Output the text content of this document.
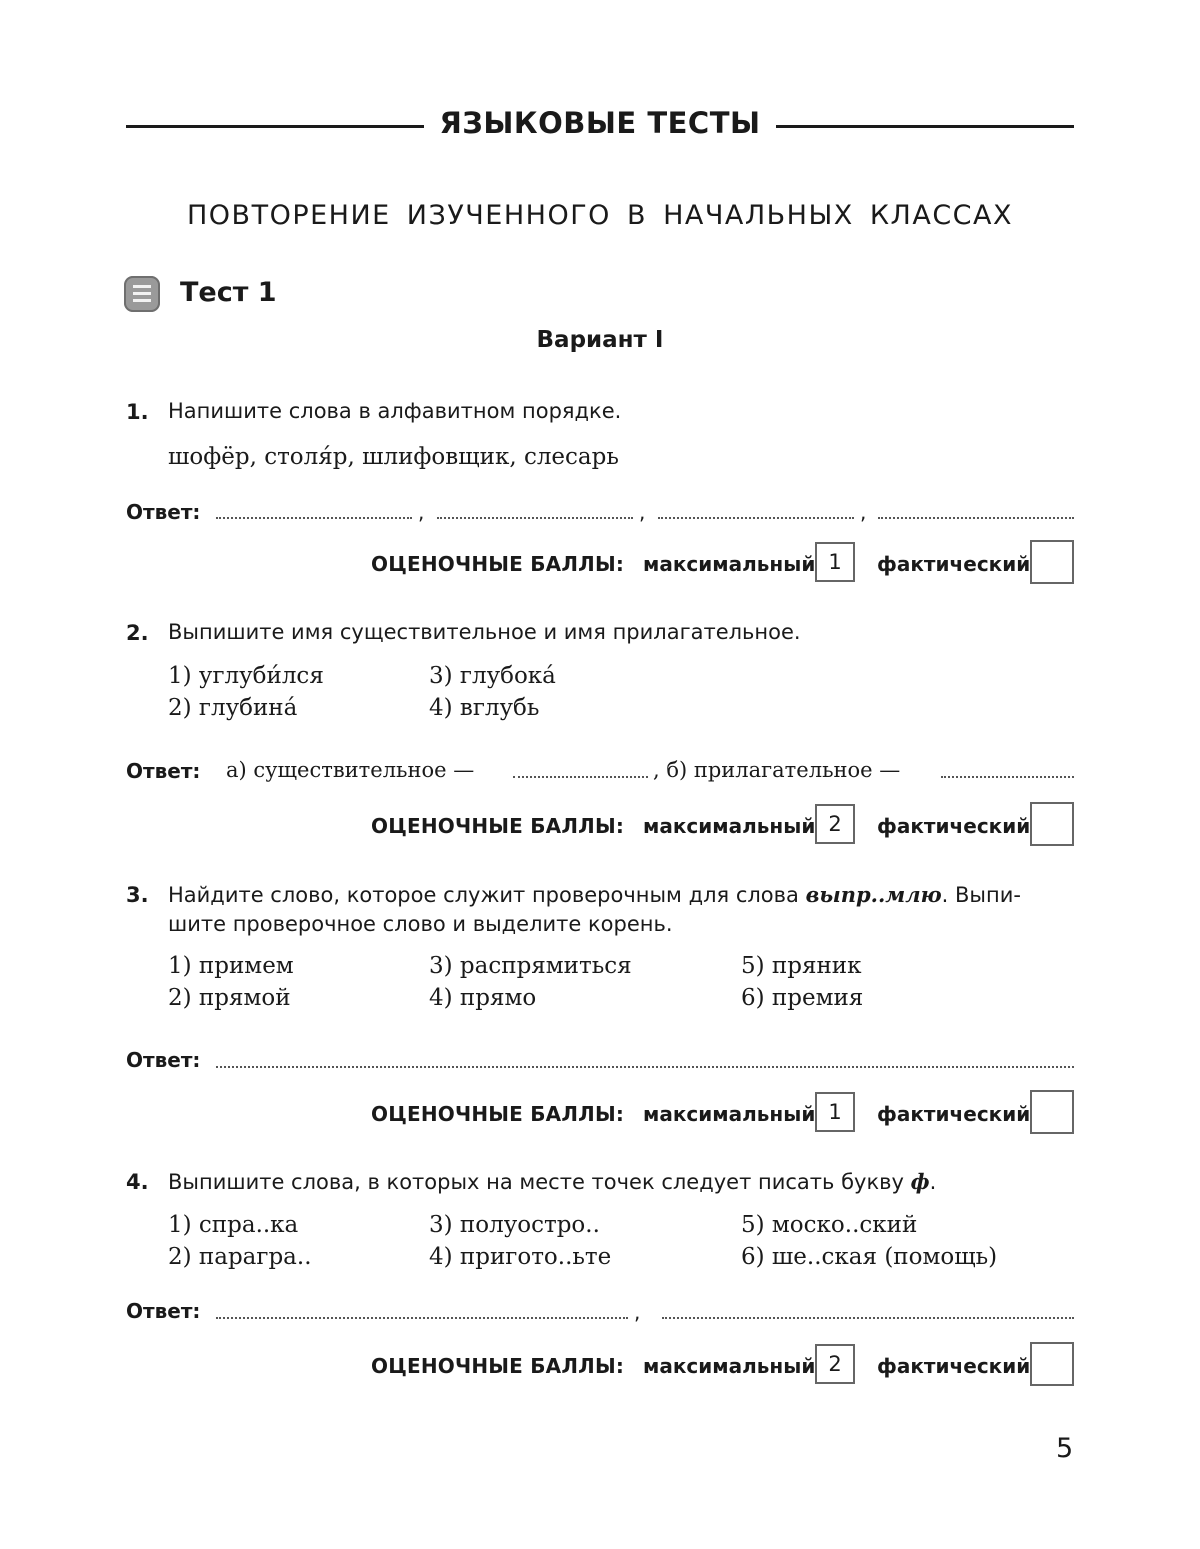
ЯЗЫКОВЫЕ ТЕСТЫ
ПОВТОРЕНИЕ ИЗУЧЕННОГО В НАЧАЛЬНЫХ КЛАССАХ
Тест 1
Вариант I
1. Напишите слова в алфавитном порядке.
шофёр, столя́р, шлифовщик, слесарь
Ответ:	,	,	,
ОЦЕНОЧНЫЕ БАЛЛЫ: максимальный 1	фактический
2. Выпишите имя существительное и имя прилагательное.
1) углуби́лся	3) глубока́
2) глубина́	4) вглубь
Ответ: а) существительное —	, б) прилагательное —
ОЦЕНОЧНЫЕ БАЛЛЫ: максимальный 2	фактический
3. Найдите слово, которое служит проверочным для слова выпр..млю. Выпи-
шите проверочное слово и выделите корень.
1) примем	3) распрямиться	5) пряник
2) прямой	4) прямо	6) премия
Ответ:
ОЦЕНОЧНЫЕ БАЛЛЫ: максимальный 1	фактический
4. Выпишите слова, в которых на месте точек следует писать букву ф.
1) спра..ка	3) полуостро..	5) моско..ский
2) парагра..	4) пригото..ьте	6) ше..ская (помощь)
Ответ:	,
ОЦЕНОЧНЫЕ БАЛЛЫ: максимальный 2	фактический
5
